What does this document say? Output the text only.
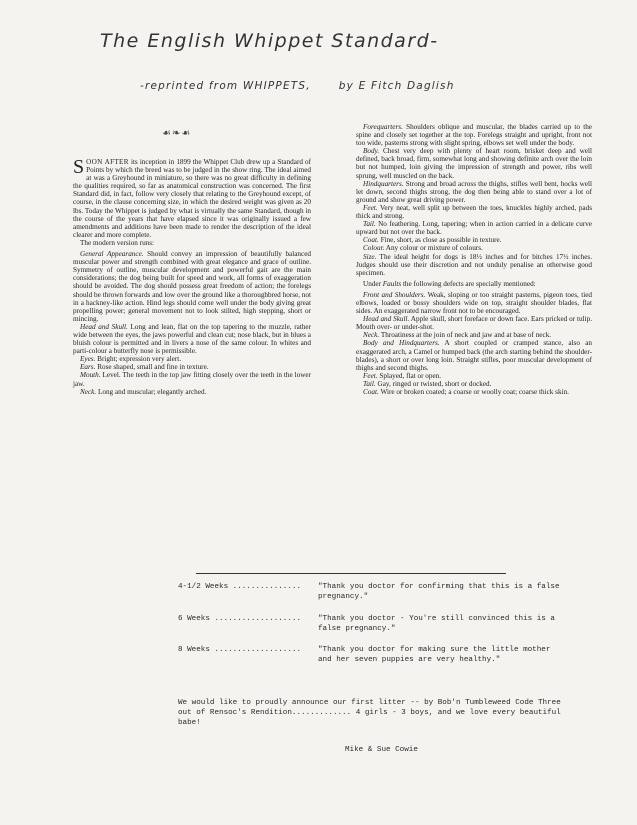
The English Whippet Standard-
-reprinted from WHIPPETS,	by E Fitch Daglish
☙❧☙

SOON AFTER its inception in 1899 the Whippet Club drew up a Standard of Points by which the breed was to be judged in the show ring. The ideal aimed at was a Greyhound in miniature, so there was no great difficulty in defining the qualities required, so far as anatomical construction was concerned. The first Standard did, in fact, follow very closely that relating to the Greyhound except, of course, in the clause concerning size, in which the desired weight was given as 20 lbs. Today the Whippet is judged by what is virtually the same Standard, though in the course of the years that have elapsed since it was originally issued a few amendments and additions have been made to render the description of the ideal clearer and more complete.

The modern version runs:

General Appearance. Should convey an impression of beautifully balanced muscular power and strength combined with great elegance and grace of outline. Symmetry of outline, muscular development and powerful gait are the main considerations; the dog being built for speed and work, all forms of exaggeration should be avoided. The dog should possess great freedom of action; the forelegs should be thrown forwards and low over the ground like a thoroughbred horse, not in a hackney-like action. Hind legs should come well under the body giving great propelling power; general movement not to look stilted, high stepping, short or mincing.

Head and Skull. Long and lean, flat on the top tapering to the muzzle, rather wide between the eyes, the jaws powerful and clean cut; nose black, but in blues a bluish colour is permitted and in livers a nose of the same colour. In whites and parti-colour a butterfly nose is permissible.

Eyes. Bright; expression very alert.

Ears. Rose shaped, small and fine in texture.

Mouth. Level. The teeth in the top jaw fitting closely over the teeth in the lower jaw.

Neck. Long and muscular; elegantly arched.

Forequarters. Shoulders oblique and muscular, the blades carried up to the spine and closely set together at the top. Forelegs straight and upright, front not too wide, pasterns strong with slight spring, elbows set well under the body.

Body. Chest very deep with plenty of heart room, brisket deep and well defined, back broad, firm, somewhat long and showing definite arch over the loin but not humped, loin giving the impression of strength and power, ribs well sprung, well muscled on the back.

Hindquarters. Strong and broad across the thighs, stifles well bent, hocks well let down, second thighs strong, the dog then being able to stand over a lot of ground and show great driving power.

Feet. Very neat, well split up between the toes, knuckles highly arched, pads thick and strong.

Tail. No feathering. Long, tapering; when in action carried in a delicate curve upward but not over the back.

Coat. Fine, short, as close as possible in texture.

Colour. Any colour or mixture of colours.

Size. The ideal height for dogs is 18½ inches and for bitches 17½ inches. Judges should use their discretion and not unduly penalise an otherwise good specimen.

Under Faults the following defects are specially mentioned:

Front and Shoulders. Weak, sloping or too straight pasterns, pigeon toes, tied elbows, loaded or bossy shoulders wide on top, straight shoulder blades, flat sides. An exaggerated narrow front not to be encouraged.

Head and Skull. Apple skull, short foreface or down face. Ears pricked or tulip. Mouth over- or under-shot.

Neck. Throatiness at the join of neck and jaw and at base of neck.

Body and Hindquarters. A short coupled or cramped stance, also an exaggerated arch, a Camel or humped back (the arch starting behind the shoulder-blades), a short or over long loin. Straight stifles, poor muscular development of thighs and second thighs.

Feet. Splayed, flat or open.

Tail. Gay, ringed or twisted, short or docked.

Coat. Wire or broken coated; a coarse or woolly coat; coarse thick skin.

4-1/2 Weeks ............... "Thank you doctor for confirming that this is a false pregnancy."
6 Weeks ................... "Thank you doctor - You're still convinced this is a false pregnancy."
8 Weeks ................... "Thank you doctor for making sure the little mother and her seven puppies are very healthy."
We would like to proudly announce our first litter -- by Bob'n Tumbleweed Code Three out of Rensoc's Rendition............. 4 girls - 3 boys, and we love every beautiful babe!
Mike & Sue Cowie
